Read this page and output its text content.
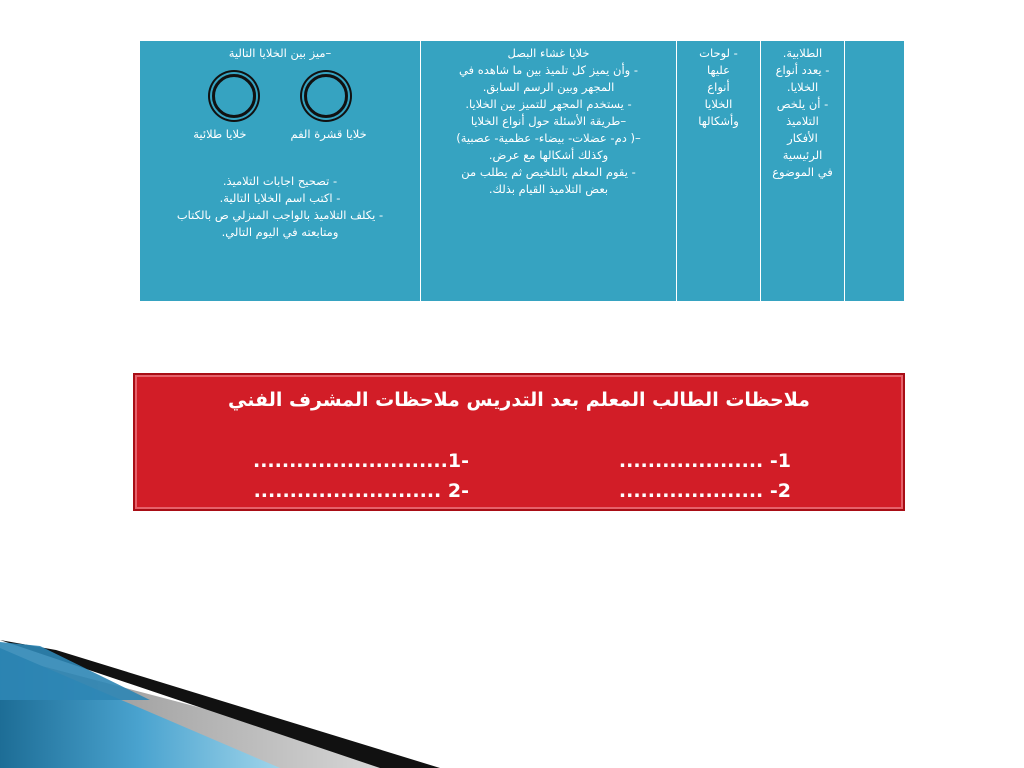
الطلابية.
- يعدد أنواع
الخلايا.
- أن يلخص
التلاميذ
الأفكار
الرئيسية
في الموضوع

- لوحات
عليها
أنواع
الخلايا
وأشكالها

خلايا غشاء البصل
- وأن يميز كل تلميذ بين ما شاهده في
المجهر وبين الرسم السابق.
- يستخدم المجهر للتميز بين الخلايا.
–طريقة الأسئلة حول أنواع الخلايا
–( دم- عضلات- بيضاء- عظمية- عصبية)
وكذلك أشكالها مع عرض.
- يقوم المعلم بالتلخيص ثم يطلب من
بعض التلاميذ القيام بذلك.

–ميز بين الخلايا التالية
خلايا قشرة الفم
خلايا طلائية
- تصحيح اجابات التلاميذ.
- اكتب اسم الخلايا التالية.
- يكلف التلاميذ بالواجب المنزلي ص بالكتاب
ومتابعته في اليوم التالي.
ملاحظات الطالب المعلم بعد التدريس ملاحظات المشرف الفني
1- ....................
2- ....................
-1...........................
-2 ..........................
